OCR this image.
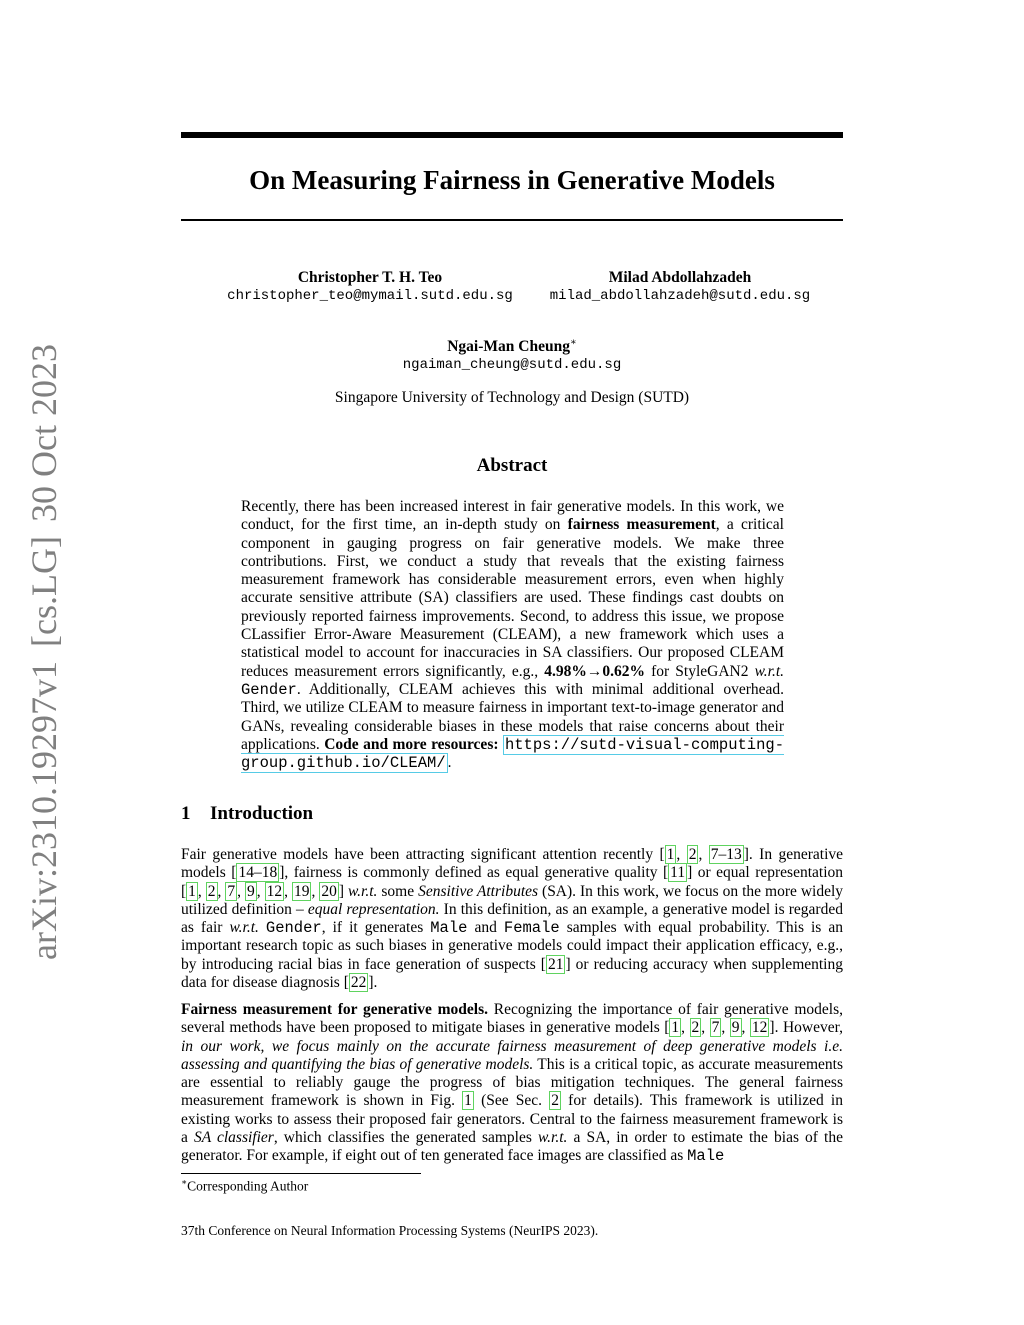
arXiv:2310.19297v1[cs.LG]30 Oct 2023
On Measuring Fairness in Generative Models
Christopher T. H. Teo
christopher_teo@mymail.sutd.edu.sg
Milad Abdollahzadeh
milad_abdollahzadeh@sutd.edu.sg
Ngai-Man Cheung∗
ngaiman_cheung@sutd.edu.sg
Singapore University of Technology and Design (SUTD)
Abstract
Recently, there has been increased interest in fair generative models. In this work, we conduct, for the first time, an in-depth study on fairness measurement, a critical component in gauging progress on fair generative models. We make three contributions. First, we conduct a study that reveals that the existing fairness measurement framework has considerable measurement errors, even when highly accurate sensitive attribute (SA) classifiers are used. These findings cast doubts on previously reported fairness improvements. Second, to address this issue, we propose CLassifier Error-Aware Measurement (CLEAM), a new framework which uses a statistical model to account for inaccuracies in SA classifiers. Our proposed CLEAM reduces measurement errors significantly, e.g., 4.98%→0.62% for StyleGAN2 w.r.t. Gender. Additionally, CLEAM achieves this with minimal additional overhead. Third, we utilize CLEAM to measure fairness in important text-to-image generator and GANs, revealing considerable biases in these models that raise concerns about their applications. Code and more resources: https://sutd-visual-computing-group.github.io/CLEAM/ .
1 Introduction
Fair generative models have been attracting significant attention recently [ 1 , 2 , 7–13 ]. In generative models [ 14–18 ], fairness is commonly defined as equal generative quality [ 11 ] or equal representation [ 1 , 2 , 7 , 9 , 12 , 19 , 20 ] w.r.t. some Sensitive Attributes (SA). In this work, we focus on the more widely utilized definition – equal representation. In this definition, as an example, a generative model is regarded as fair w.r.t. Gender, if it generates Male and Female samples with equal probability. This is an important research topic as such biases in generative models could impact their application efficacy, e.g., by introducing racial bias in face generation of suspects [ 21 ] or reducing accuracy when supplementing data for disease diagnosis [ 22 ].
Fairness measurement for generative models. Recognizing the importance of fair generative models, several methods have been proposed to mitigate biases in generative models [ 1 , 2 , 7 , 9 , 12 ]. However, in our work, we focus mainly on the accurate fairness measurement of deep generative models i.e. assessing and quantifying the bias of generative models. This is a critical topic, as accurate measurements are essential to reliably gauge the progress of bias mitigation techniques. The general fairness measurement framework is shown in Fig. 1 (See Sec. 2 for details). This framework is utilized in existing works to assess their proposed fair generators. Central to the fairness measurement framework is a SA classifier, which classifies the generated samples w.r.t. a SA, in order to estimate the bias of the generator. For example, if eight out of ten generated face images are classified as Male
∗Corresponding Author
37th Conference on Neural Information Processing Systems (NeurIPS 2023).
